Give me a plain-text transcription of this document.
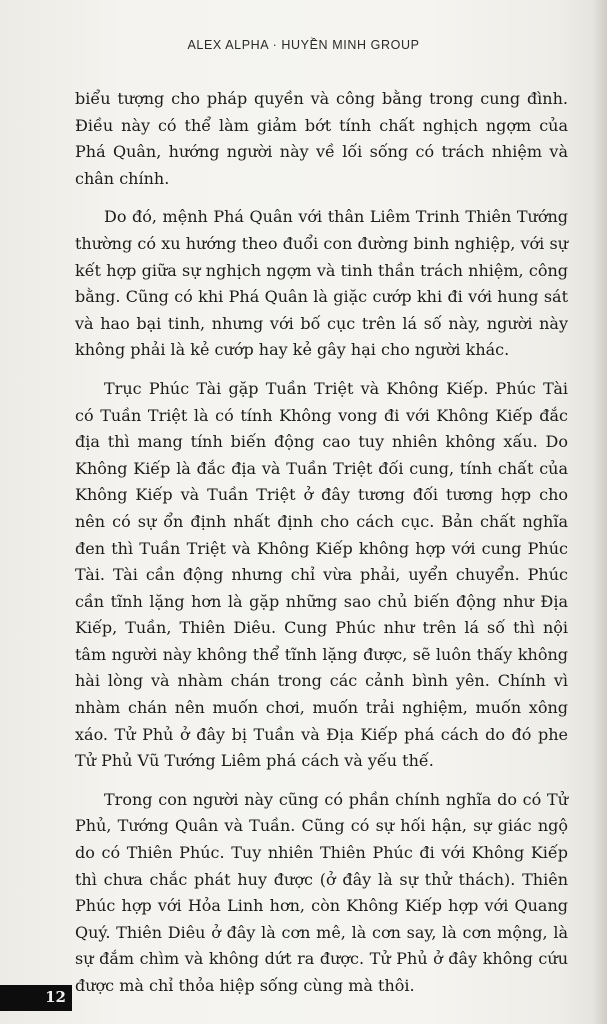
ALEX ALPHA · HUYỀN MINH GROUP

biểu tượng cho pháp quyền và công bằng trong cung đình. Điều này có thể làm giảm bớt tính chất nghịch ngợm của Phá Quân, hướng người này về lối sống có trách nhiệm và chân chính.

Do đó, mệnh Phá Quân với thân Liêm Trinh Thiên Tướng thường có xu hướng theo đuổi con đường binh nghiệp, với sự kết hợp giữa sự nghịch ngợm và tinh thần trách nhiệm, công bằng. Cũng có khi Phá Quân là giặc cướp khi đi với hung sát và hao bại tinh, nhưng với bố cục trên lá số này, người này không phải là kẻ cướp hay kẻ gây hại cho người khác.

Trục Phúc Tài gặp Tuần Triệt và Không Kiếp. Phúc Tài có Tuần Triệt là có tính Không vong đi với Không Kiếp đắc địa thì mang tính biến động cao tuy nhiên không xấu. Do Không Kiếp là đắc địa và Tuần Triệt đối cung, tính chất của Không Kiếp và Tuần Triệt ở đây tương đối tương hợp cho nên có sự ổn định nhất định cho cách cục. Bản chất nghĩa đen thì Tuần Triệt và Không Kiếp không hợp với cung Phúc Tài. Tài cần động nhưng chỉ vừa phải, uyển chuyển. Phúc cần tĩnh lặng hơn là gặp những sao chủ biến động như Địa Kiếp, Tuần, Thiên Diêu. Cung Phúc như trên lá số thì nội tâm người này không thể tĩnh lặng được, sẽ luôn thấy không hài lòng và nhàm chán trong các cảnh bình yên. Chính vì nhàm chán nên muốn chơi, muốn trải nghiệm, muốn xông xáo. Tử Phủ ở đây bị Tuần và Địa Kiếp phá cách do đó phe Tử Phủ Vũ Tướng Liêm phá cách và yếu thế.

Trong con người này cũng có phần chính nghĩa do có Tử Phủ, Tướng Quân và Tuần. Cũng có sự hối hận, sự giác ngộ do có Thiên Phúc. Tuy nhiên Thiên Phúc đi với Không Kiếp thì chưa chắc phát huy được (ở đây là sự thử thách). Thiên Phúc hợp với Hỏa Linh hơn, còn Không Kiếp hợp với Quang Quý. Thiên Diêu ở đây là cơn mê, là cơn say, là cơn mộng, là sự đắm chìm và không dứt ra được. Tử Phủ ở đây không cứu được mà chỉ thỏa hiệp sống cùng mà thôi.

12
